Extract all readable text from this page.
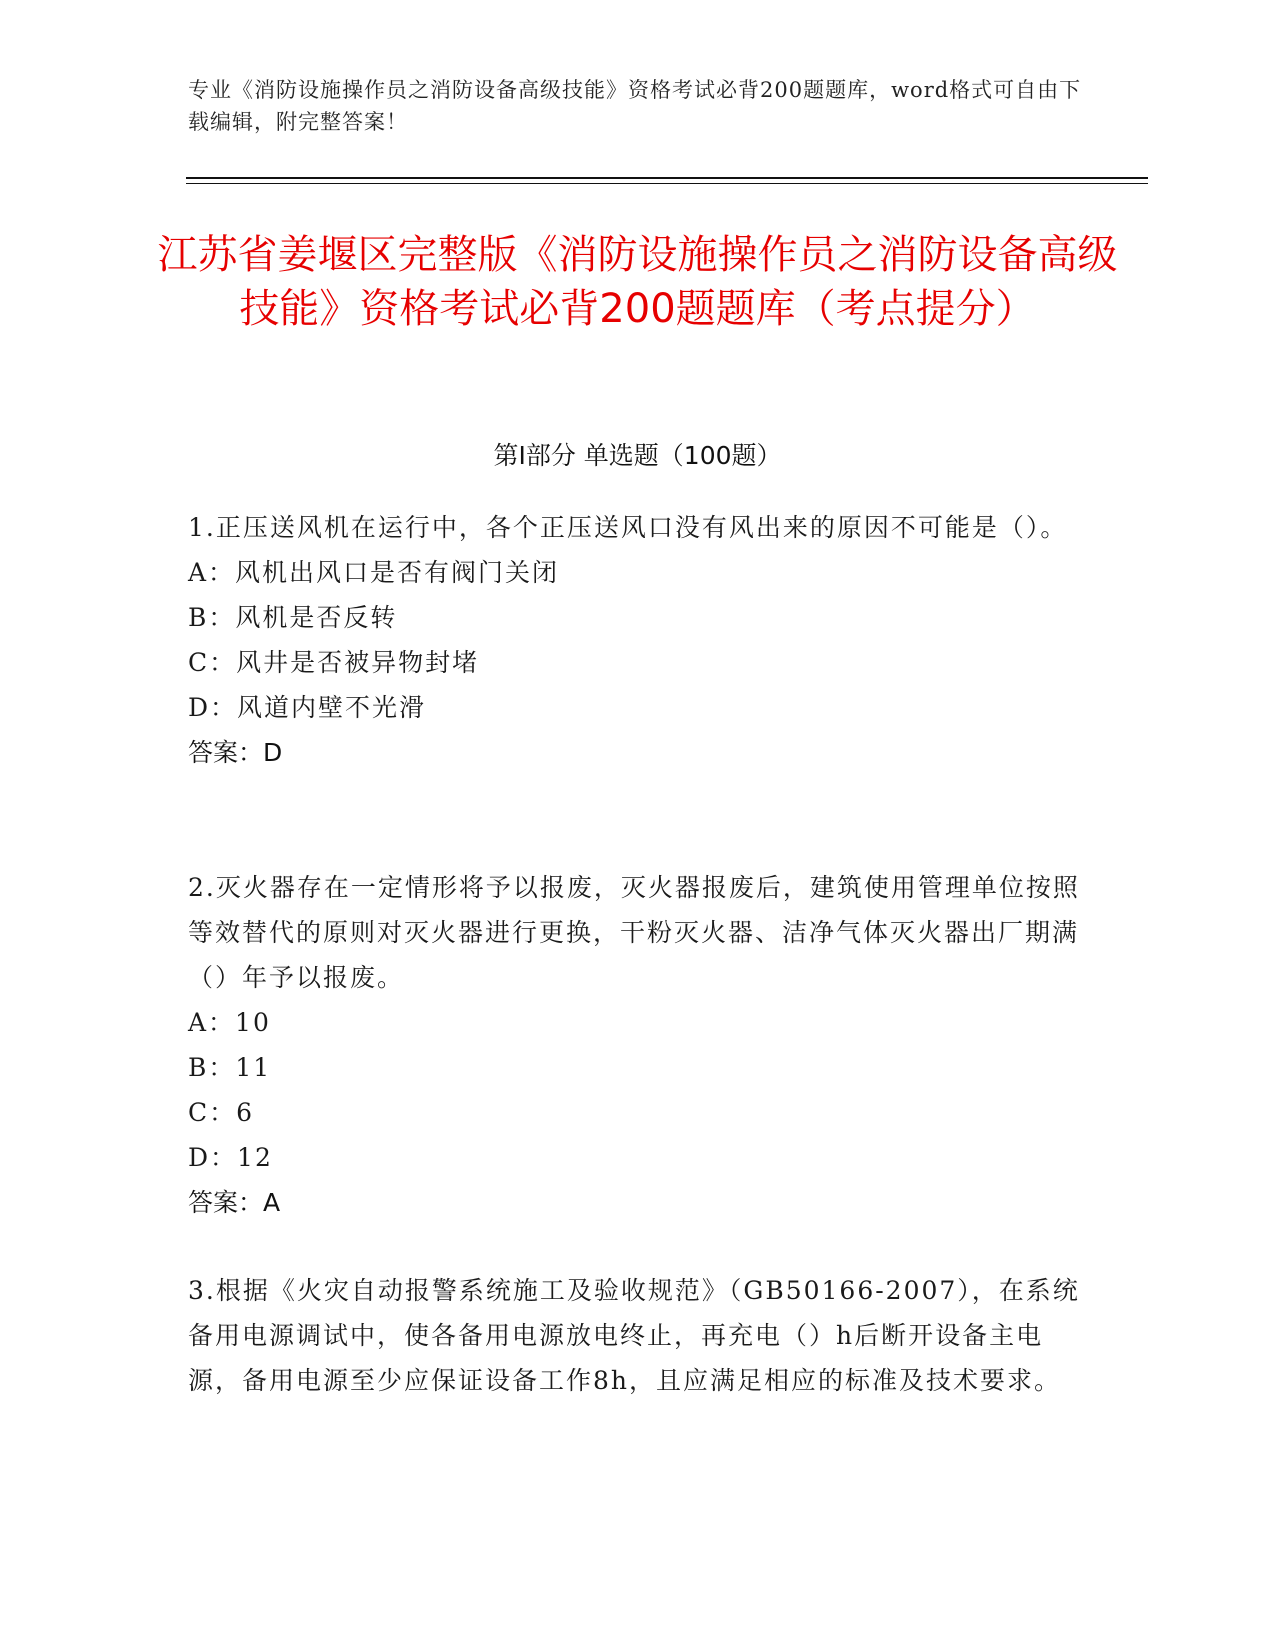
专业《消防设施操作员之消防设备高级技能》资格考试必背200题题库，word格式可自由下载编辑，附完整答案！
江苏省姜堰区完整版《消防设施操作员之消防设备高级技能》资格考试必背200题题库（考点提分）
第I部分 单选题（100题）
1.正压送风机在运行中，各个正压送风口没有风出来的原因不可能是（）。
A：风机出风口是否有阀门关闭
B：风机是否反转
C：风井是否被异物封堵
D：风道内壁不光滑
答案：D
2.灭火器存在一定情形将予以报废，灭火器报废后，建筑使用管理单位按照等效替代的原则对灭火器进行更换，干粉灭火器、洁净气体灭火器出厂期满（）年予以报废。
A：10
B：11
C：6
D：12
答案：A
3.根据《火灾自动报警系统施工及验收规范》（GB50166-2007），在系统备用电源调试中，使各备用电源放电终止，再充电（）h后断开设备主电源，备用电源至少应保证设备工作8h，且应满足相应的标准及技术要求。
